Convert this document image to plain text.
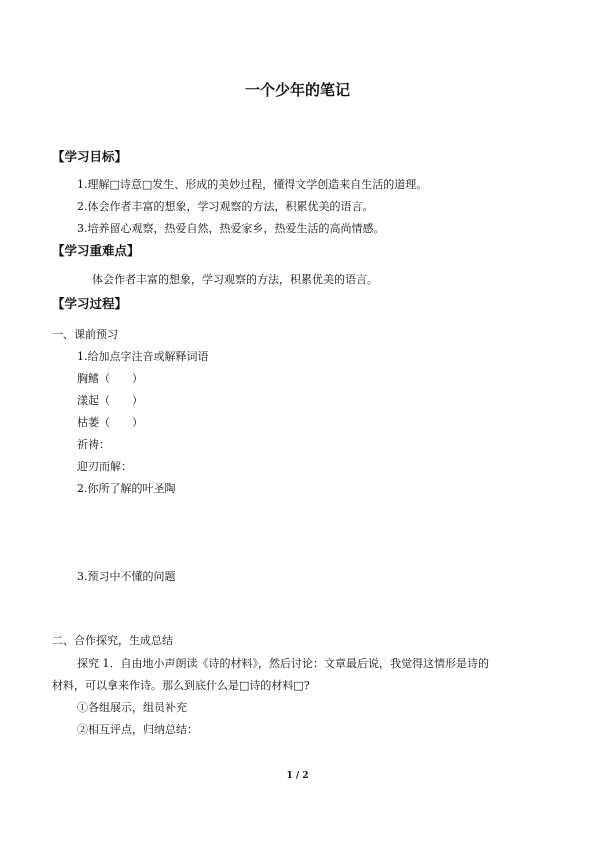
一个少年的笔记
【学习目标】
1.理解□诗意□发生、形成的美妙过程，懂得文学创造来自生活的道理。
2.体会作者丰富的想象，学习观察的方法，积累优美的语言。
3.培养留心观察，热爱自然，热爱家乡，热爱生活的高尚情感。
【学习重难点】
体会作者丰富的想象，学习观察的方法，积累优美的语言。
【学习过程】
一、课前预习
1.给加点字注音或解释词语
胸鳍（　　）
漾起（　　）
枯萎（　　）
祈祷：
迎刃而解：
2.你所了解的叶圣陶
3.预习中不懂的问题
二、合作探究，生成总结
探究 1．自由地小声朗读《诗的材料》，然后讨论：文章最后说，我觉得这情形是诗的
材料，可以拿来作诗。那么到底什么是□诗的材料□?
①各组展示，组员补充
②相互评点，归纳总结：
1 / 2
